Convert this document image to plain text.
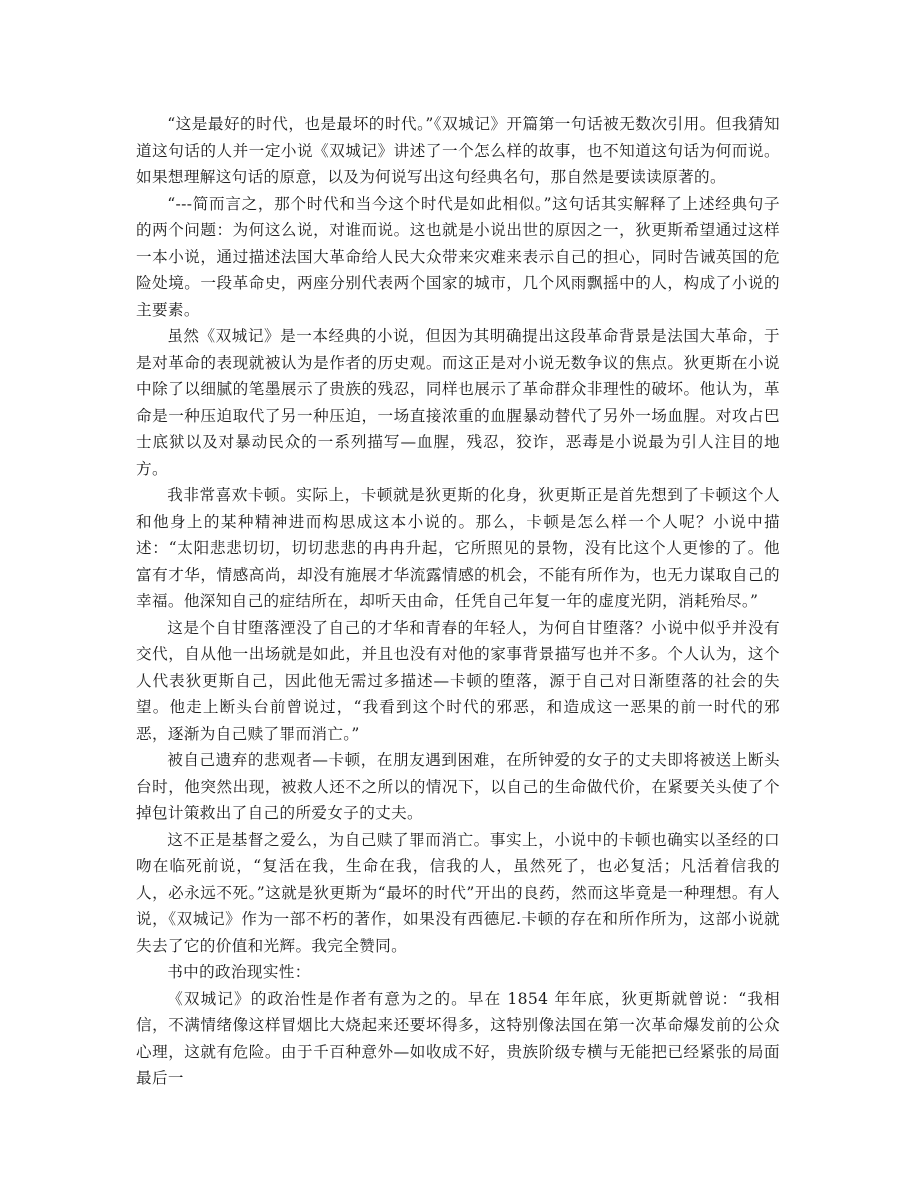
“这是最好的时代，也是最坏的时代。”《双城记》开篇第一句话被无数次引用。但我猜知道这句话的人并一定小说《双城记》讲述了一个怎么样的故事，也不知道这句话为何而说。如果想理解这句话的原意，以及为何说写出这句经典名句，那自然是要读读原著的。

“---简而言之，那个时代和当今这个时代是如此相似。”这句话其实解释了上述经典句子的两个问题：为何这么说，对谁而说。这也就是小说出世的原因之一，狄更斯希望通过这样一本小说，通过描述法国大革命给人民大众带来灾难来表示自己的担心，同时告诫英国的危险处境。一段革命史，两座分别代表两个国家的城市，几个风雨飘摇中的人，构成了小说的主要素。

虽然《双城记》是一本经典的小说，但因为其明确提出这段革命背景是法国大革命，于是对革命的表现就被认为是作者的历史观。而这正是对小说无数争议的焦点。狄更斯在小说中除了以细腻的笔墨展示了贵族的残忍，同样也展示了革命群众非理性的破坏。他认为，革命是一种压迫取代了另一种压迫，一场直接浓重的血腥暴动替代了另外一场血腥。对攻占巴士底狱以及对暴动民众的一系列描写—血腥，残忍，狡诈，恶毒是小说最为引人注目的地方。

我非常喜欢卡顿。实际上，卡顿就是狄更斯的化身，狄更斯正是首先想到了卡顿这个人和他身上的某种精神进而构思成这本小说的。那么，卡顿是怎么样一个人呢？小说中描述：“太阳悲悲切切，切切悲悲的冉冉升起，它所照见的景物，没有比这个人更惨的了。他富有才华，情感高尚，却没有施展才华流露情感的机会，不能有所作为，也无力谋取自己的幸福。他深知自己的症结所在，却听天由命，任凭自己年复一年的虚度光阴，消耗殆尽。”

这是个自甘堕落湮没了自己的才华和青春的年轻人，为何自甘堕落？小说中似乎并没有交代，自从他一出场就是如此，并且也没有对他的家事背景描写也并不多。个人认为，这个人代表狄更斯自己，因此他无需过多描述—卡顿的堕落，源于自己对日渐堕落的社会的失望。他走上断头台前曾说过，“我看到这个时代的邪恶，和造成这一恶果的前一时代的邪恶，逐渐为自己赎了罪而消亡。”

被自己遗弃的悲观者—卡顿，在朋友遇到困难，在所钟爱的女子的丈夫即将被送上断头台时，他突然出现，被救人还不之所以的情况下，以自己的生命做代价，在紧要关头使了个掉包计策救出了自己的所爱女子的丈夫。

这不正是基督之爱么，为自己赎了罪而消亡。事实上，小说中的卡顿也确实以圣经的口吻在临死前说，“复活在我，生命在我，信我的人，虽然死了，也必复活；凡活着信我的人，必永远不死。”这就是狄更斯为“最坏的时代”开出的良药，然而这毕竟是一种理想。有人说，《双城记》作为一部不朽的著作，如果没有西德尼.卡顿的存在和所作所为，这部小说就失去了它的价值和光辉。我完全赞同。

书中的政治现实性：

《双城记》的政治性是作者有意为之的。早在 1854 年年底，狄更斯就曾说：“我相信，不满情绪像这样冒烟比大烧起来还要坏得多，这特别像法国在第一次革命爆发前的公众心理，这就有危险。由于千百种意外—如收成不好，贵族阶级专横与无能把已经紧张的局面最后一
